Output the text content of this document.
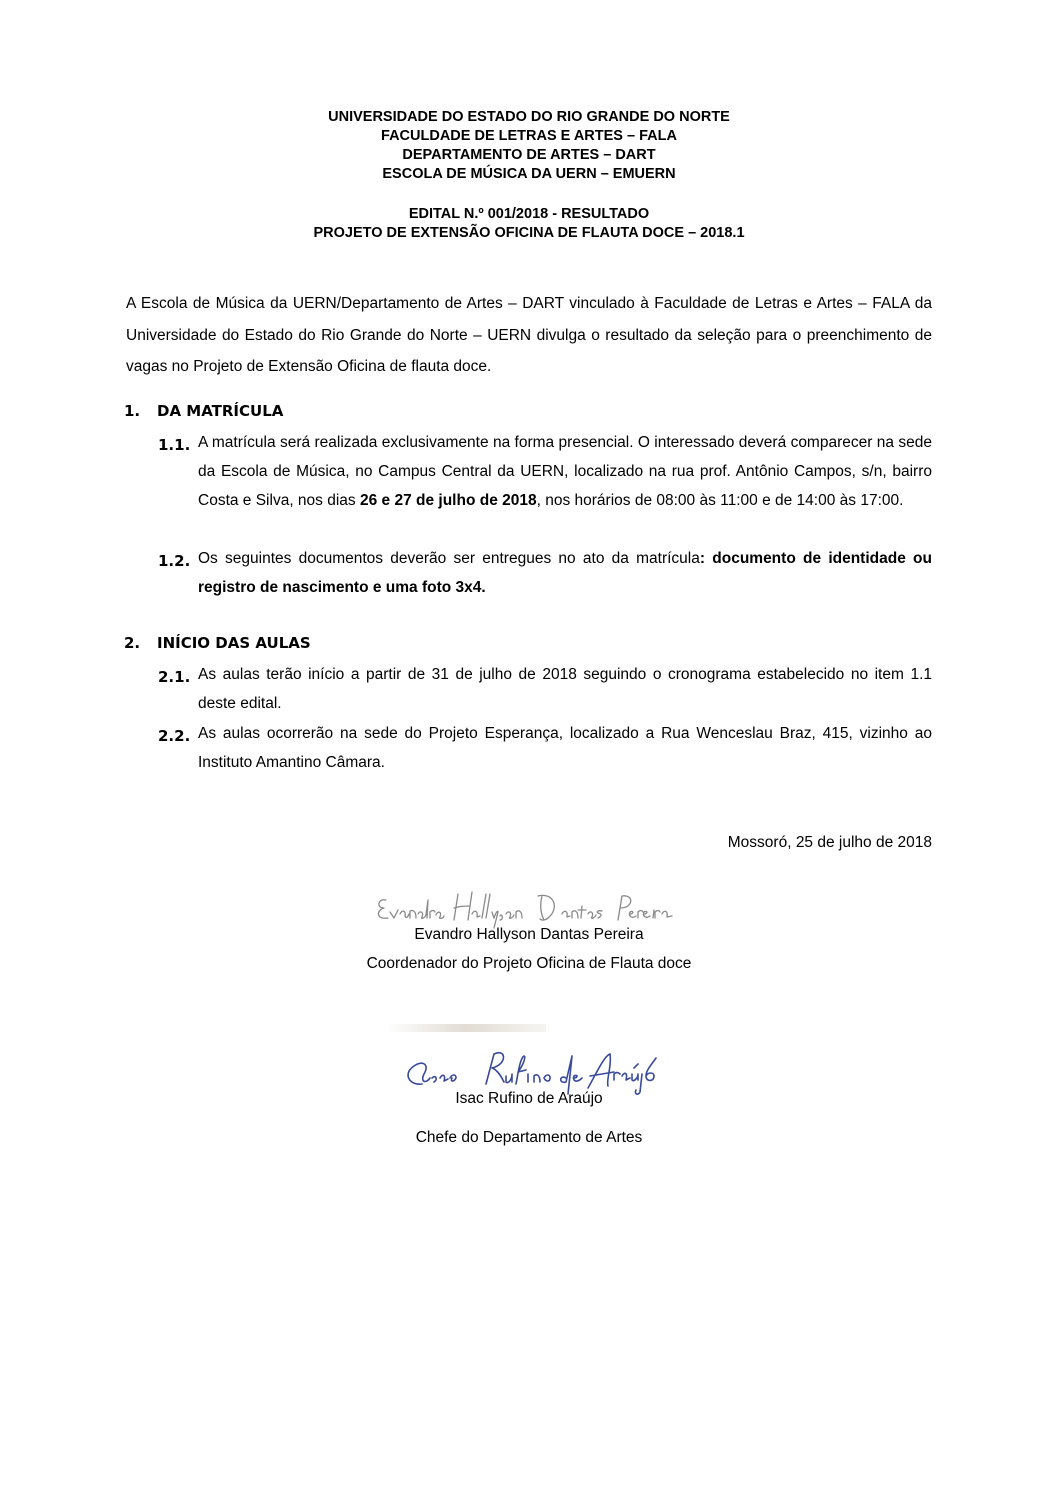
UNIVERSIDADE DO ESTADO DO RIO GRANDE DO NORTE
FACULDADE DE LETRAS E ARTES – FALA
DEPARTAMENTO DE ARTES – DART
ESCOLA DE MÚSICA DA UERN – EMUERN
EDITAL N.º 001/2018 - RESULTADO
PROJETO DE EXTENSÃO OFICINA DE FLAUTA DOCE – 2018.1
A Escola de Música da UERN/Departamento de Artes – DART vinculado à Faculdade de Letras e Artes – FALA da Universidade do Estado do Rio Grande do Norte – UERN divulga o resultado da seleção para o preenchimento de vagas no Projeto de Extensão Oficina de flauta doce.
1. DA MATRÍCULA
1.1. A matrícula será realizada exclusivamente na forma presencial. O interessado deverá comparecer na sede da Escola de Música, no Campus Central da UERN, localizado na rua prof. Antônio Campos, s/n, bairro Costa e Silva, nos dias 26 e 27 de julho de 2018, nos horários de 08:00 às 11:00 e de 14:00 às 17:00.
1.2. Os seguintes documentos deverão ser entregues no ato da matrícula: documento de identidade ou registro de nascimento e uma foto 3x4.
2. INÍCIO DAS AULAS
2.1. As aulas terão início a partir de 31 de julho de 2018 seguindo o cronograma estabelecido no item 1.1 deste edital.
2.2. As aulas ocorrerão na sede do Projeto Esperança, localizado a Rua Wenceslau Braz, 415, vizinho ao Instituto Amantino Câmara.
Mossoró, 25 de julho de 2018
Evandro Hallyson Dantas Pereira
Coordenador do Projeto Oficina de Flauta doce
Isac Rufino de Araújo
Chefe do Departamento de Artes
